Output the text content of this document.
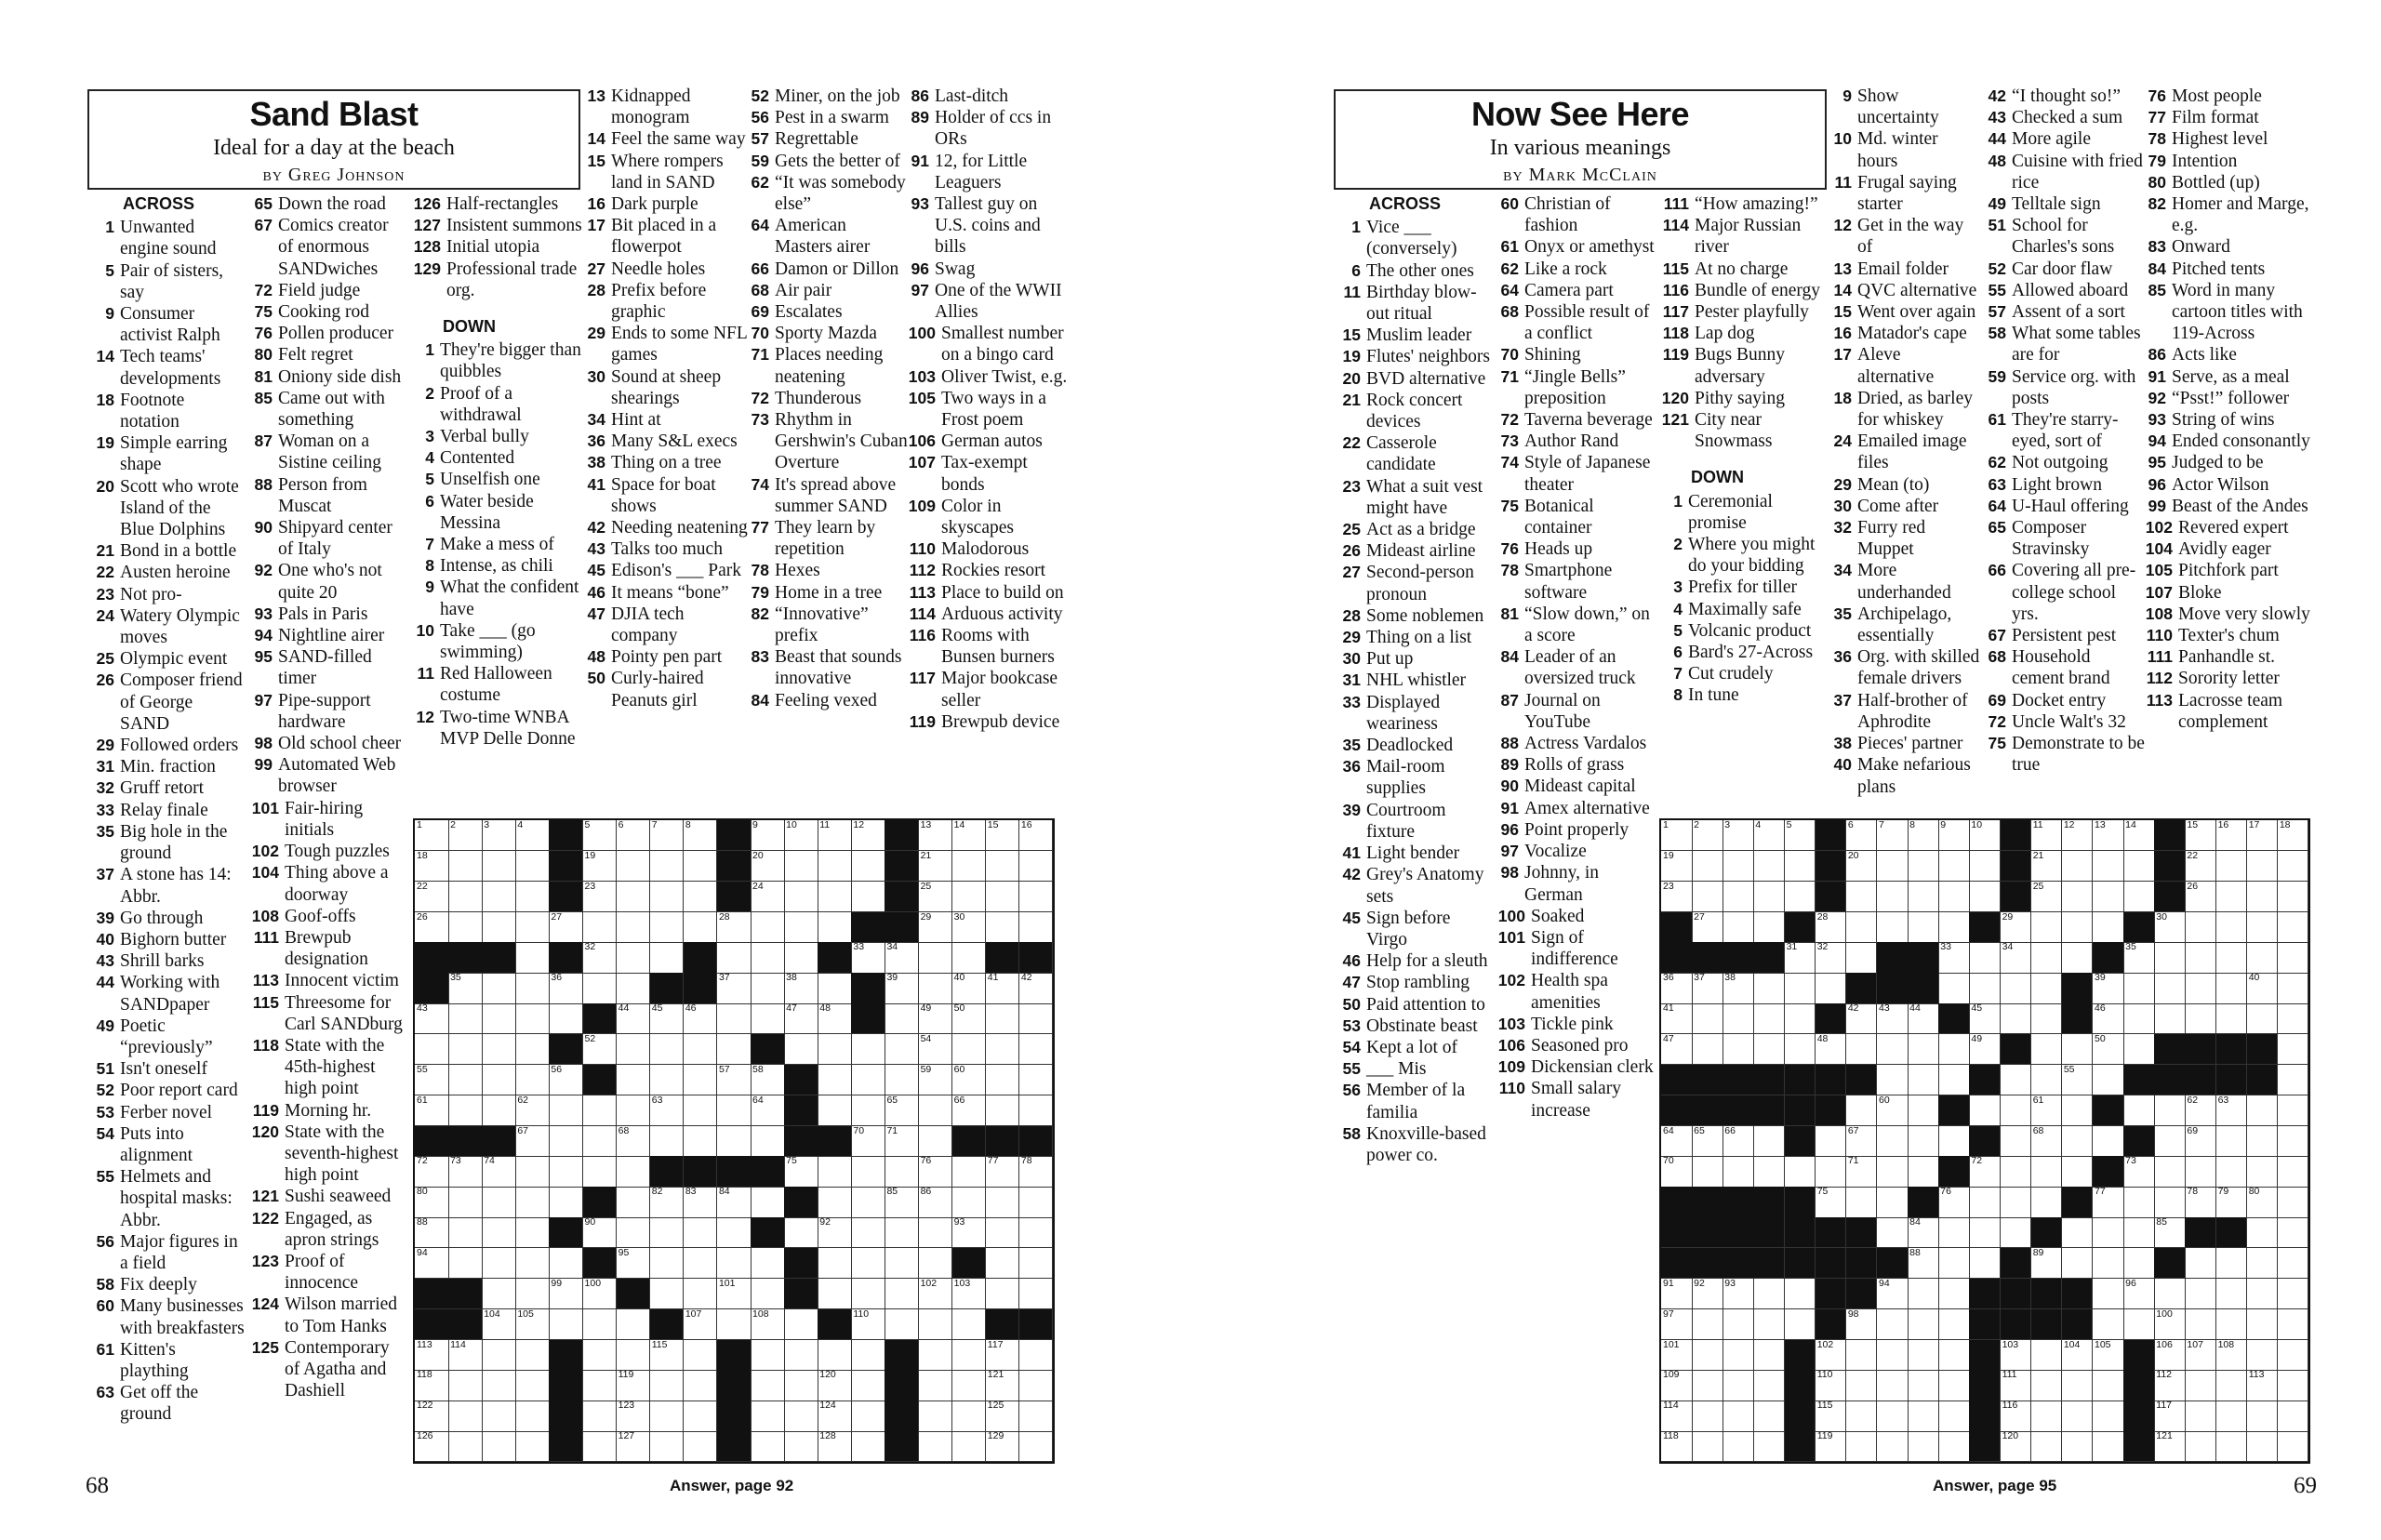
Sand Blast
Ideal for a day at the beach
by Greg Johnson
ACROSS
1 Unwanted engine sound
5 Pair of sisters, say
9 Consumer activist Ralph
14 Tech teams' developments
18 Footnote notation
19 Simple earring shape
20 Scott who wrote Island of the Blue Dolphins
21 Bond in a bottle
22 Austen heroine
23 Not pro-
24 Watery Olympic moves
25 Olympic event
26 Composer friend of George SAND
29 Followed orders
31 Min. fraction
32 Gruff retort
33 Relay finale
35 Big hole in the ground
37 A stone has 14: Abbr.
39 Go through
40 Bighorn butter
43 Shrill barks
44 Working with SANDpaper
49 Poetic “previously”
51 Isn't oneself
52 Poor report card
53 Ferber novel
54 Puts into alignment
55 Helmets and hospital masks: Abbr.
56 Major figures in a field
58 Fix deeply
60 Many businesses with breakfasters
61 Kitten's plaything
63 Get off the ground
65 Down the road
67 Comics creator of enormous SANDwiches
72 Field judge
75 Cooking rod
76 Pollen producer
80 Felt regret
81 Oniony side dish
85 Came out with something
87 Woman on a Sistine ceiling
88 Person from Muscat
90 Shipyard center of Italy
92 One who's not quite 20
93 Pals in Paris
94 Nightline airer
95 SAND-filled timer
97 Pipe-support hardware
98 Old school cheer
99 Automated Web browser
101 Fair-hiring initials
102 Tough puzzles
104 Thing above a doorway
108 Goof-offs
111 Brewpub designation
113 Innocent victim
115 Threesome for Carl SANDburg
118 State with the 45th-highest high point
119 Morning hr.
120 State with the seventh-highest high point
121 Sushi seaweed
122 Engaged, as apron strings
123 Proof of innocence
124 Wilson married to Tom Hanks
125 Contemporary of Agatha and Dashiell
126 Half-rectangles
127 Insistent summons
128 Initial utopia
129 Professional trade org.
DOWN
1 They're bigger than quibbles
2 Proof of a withdrawal
3 Verbal bully
4 Contented
5 Unselfish one
6 Water beside Messina
7 Make a mess of
8 Intense, as chili
9 What the confident have
10 Take ___ (go swimming)
11 Red Halloween costume
12 Two-time WNBA MVP Delle Donne
13 Kidnapped monogram
14 Feel the same way
15 Where rompers land in SAND
16 Dark purple
17 Bit placed in a flowerpot
27 Needle holes
28 Prefix before graphic
29 Ends to some NFL games
30 Sound at sheep shearings
34 Hint at
36 Many S&L execs
38 Thing on a tree
41 Space for boat shows
42 Needing neatening
43 Talks too much
45 Edison's ___ Park
46 It means “bone”
47 DJIA tech company
48 Pointy pen part
50 Curly-haired Peanuts girl
52 Miner, on the job
56 Pest in a swarm
57 Regrettable
59 Gets the better of
62 “It was somebody else”
64 American Masters airer
66 Damon or Dillon
68 Air pair
69 Escalates
70 Sporty Mazda
71 Places needing neatening
72 Thunderous
73 Rhythm in Gershwin's Cuban Overture
74 It's spread above summer SAND
77 They learn by repetition
78 Hexes
79 Home in a tree
82 “Innovative” prefix
83 Beast that sounds innovative
84 Feeling vexed
86 Last-ditch
89 Holder of ccs in ORs
91 12, for Little Leaguers
93 Tallest guy on U.S. coins and bills
96 Swag
97 One of the WWII Allies
100 Smallest number on a bingo card
103 Oliver Twist, e.g.
105 Two ways in a Frost poem
106 German autos
107 Tax-exempt bonds
109 Color in skyscapes
110 Malodorous
112 Rockies resort
113 Place to build on
114 Arduous activity
116 Rooms with Bunsen burners
117 Major bookcase seller
119 Brewpub device
1	2	3	4	5	6	7	8	9	10 11 12	13 14 15 16
18	19	20	21
22	23	24	25
26	27	28	29 30
32	33 34
35	36	37	38	39	40 41 42
43	44 45 46	47 48	49 50
52	54
55	56	57 58	59 60
61	62	63	64	65	66
67	68	70 71
72 73 74	75	76	77 78
80	82 83 84	85 86
88	90	92	93
94	95
99 100	101	102 103
104 105	107	108	110
113 114	115	117
118	119	120	121
122	123	124	125
126	127	128	129
68	Answer, page 92
Now See Here
In various meanings
by Mark McClain
ACROSS
1 Vice ___ (conversely)
6 The other ones
11 Birthday blow-out ritual
15 Muslim leader
19 Flutes' neighbors
20 BVD alternative
21 Rock concert devices
22 Casserole candidate
23 What a suit vest might have
25 Act as a bridge
26 Mideast airline
27 Second-person pronoun
28 Some noblemen
29 Thing on a list
30 Put up
31 NHL whistler
33 Displayed weariness
35 Deadlocked
36 Mail-room supplies
39 Courtroom fixture
41 Light bender
42 Grey's Anatomy sets
45 Sign before Virgo
46 Help for a sleuth
47 Stop rambling
50 Paid attention to
53 Obstinate beast
54 Kept a lot of
55 ___ Mis
56 Member of la familia
58 Knoxville-based power co.
60 Christian of fashion
61 Onyx or amethyst
62 Like a rock
64 Camera part
68 Possible result of a conflict
70 Shining
71 “Jingle Bells” preposition
72 Taverna beverage
73 Author Rand
74 Style of Japanese theater
75 Botanical container
76 Heads up
78 Smartphone software
81 “Slow down,” on a score
84 Leader of an oversized truck
87 Journal on YouTube
88 Actress Vardalos
89 Rolls of grass
90 Mideast capital
91 Amex alternative
96 Point properly
97 Vocalize
98 Johnny, in German
100 Soaked
101 Sign of indifference
102 Health spa amenities
103 Tickle pink
106 Seasoned pro
109 Dickensian clerk
110 Small salary increase
111 “How amazing!”
114 Major Russian river
115 At no charge
116 Bundle of energy
117 Pester playfully
118 Lap dog
119 Bugs Bunny adversary
120 Pithy saying
121 City near Snowmass
DOWN
1 Ceremonial promise
2 Where you might do your bidding
3 Prefix for tiller
4 Maximally safe
5 Volcanic product
6 Bard's 27-Across
7 Cut crudely
8 In tune
9 Show uncertainty
10 Md. winter hours
11 Frugal saying starter
12 Get in the way of
13 Email folder
14 QVC alternative
15 Went over again
16 Matador's cape
17 Aleve alternative
18 Dried, as barley for whiskey
24 Emailed image files
29 Mean (to)
30 Come after
32 Furry red Muppet
34 More underhanded
35 Archipelago, essentially
36 Org. with skilled female drivers
37 Half-brother of Aphrodite
38 Pieces' partner
40 Make nefarious plans
42 “I thought so!”
43 Checked a sum
44 More agile
48 Cuisine with fried rice
49 Telltale sign
51 School for Charles's sons
52 Car door flaw
55 Allowed aboard
57 Assent of a sort
58 What some tables are for
59 Service org. with posts
61 They're starry-eyed, sort of
62 Not outgoing
63 Light brown
64 U-Haul offering
65 Composer Stravinsky
66 Covering all pre-college school yrs.
67 Persistent pest
68 Household cement brand
69 Docket entry
72 Uncle Walt's 32
75 Demonstrate to be true
76 Most people
77 Film format
78 Highest level
79 Intention
80 Bottled (up)
82 Homer and Marge, e.g.
83 Onward
84 Pitched tents
85 Word in many cartoon titles with 119-Across
86 Acts like
91 Serve, as a meal
92 “Psst!” follower
93 String of wins
94 Ended consonantly
95 Judged to be
96 Actor Wilson
99 Beast of the Andes
102 Revered expert
104 Avidly eager
105 Pitchfork part
107 Bloke
108 Move very slowly
110 Texter's chum
111 Panhandle st.
112 Sorority letter
113 Lacrosse team complement
1	2	3	4	5	6	7	8	9	10	11 12 13 14	15 16 17 18
19	20	21	22
23	25	26
27	28	29	30
31 32	33	34	35
36 37 38	39	40
41	42 43 44	45	46
47	48	49	50
55
60	61	62 63
64 65 66	67	68	69
70	71	72	73
75	76	77	78 79 80
84	85
88	89
91 92 93	94	96
97	98	100
101	102	103	104 105	106 107 108
109	110	111	112	113
114	115	116	117
118	119	120	121
Answer, page 95	69
